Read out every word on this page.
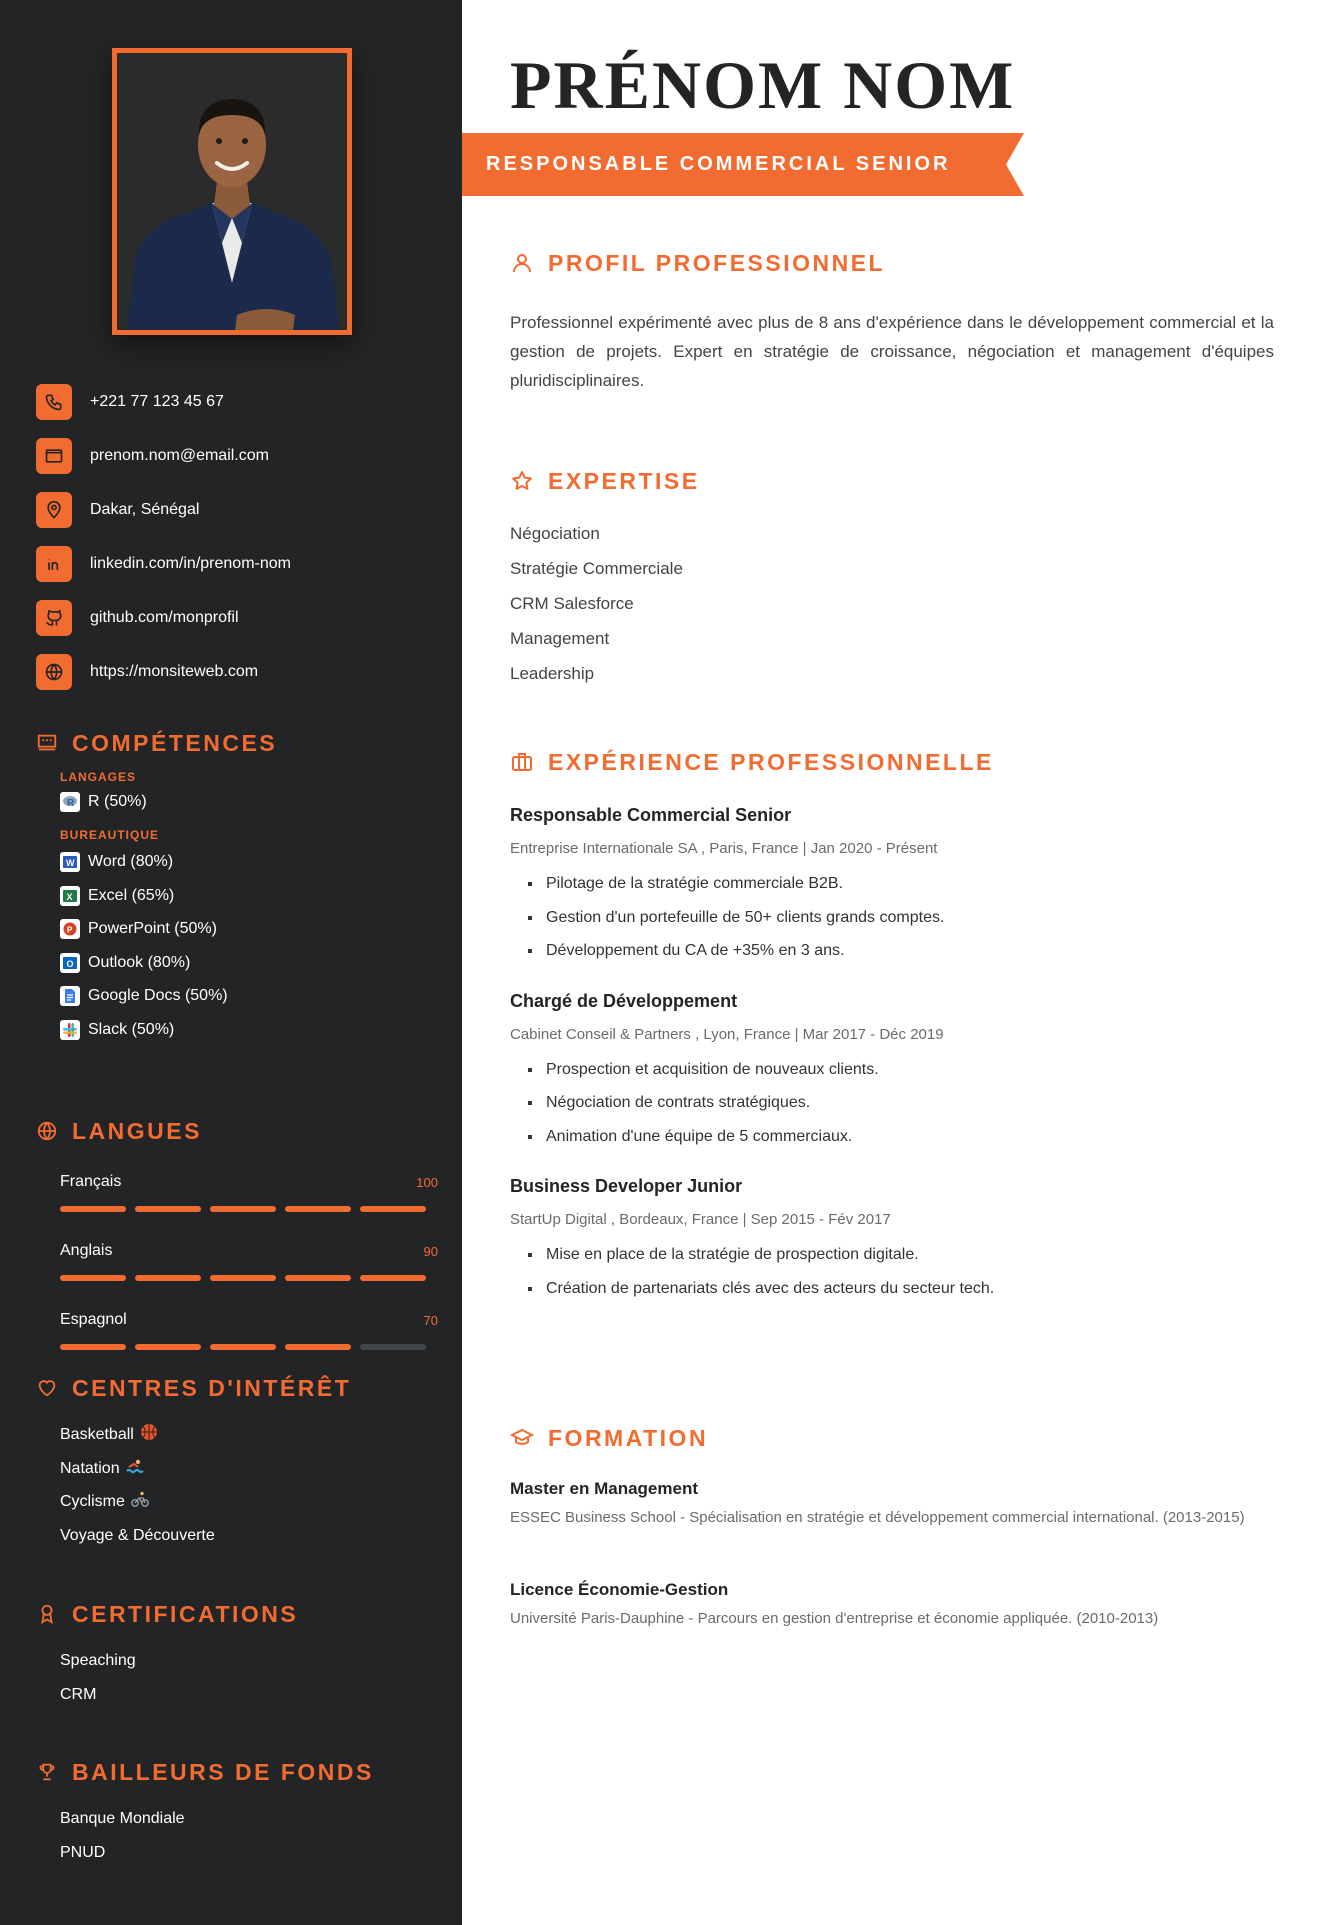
+221 77 123 45 67
prenom.nom@email.com
Dakar, Sénégal
linkedin.com/in/prenom-nom
github.com/monprofil
https://monsiteweb.com
COMPÉTENCES
LANGAGES
R R (50%)
BUREAUTIQUE
W Word (80%)
X Excel (65%)
P PowerPoint (50%)
O Outlook (80%)
Google Docs (50%)
Slack (50%)
LANGUES
Français	100
Anglais	90
Espagnol	70
CENTRES D'INTÉRÊT
Basketball
Natation
Cyclisme
Voyage & Découverte
CERTIFICATIONS
Speaching
CRM
BAILLEURS DE FONDS
Banque Mondiale
PNUD
PRÉNOM NOM
RESPONSABLE COMMERCIAL SENIOR
PROFIL PROFESSIONNEL

Professionnel expérimenté avec plus de 8 ans d'expérience dans le développement commercial et la gestion de projets. Expert en stratégie de croissance, négociation et management d'équipes pluridisciplinaires.

EXPERTISE
Négociation
Stratégie Commerciale
CRM Salesforce
Management
Leadership
EXPÉRIENCE PROFESSIONNELLE
Responsable Commercial Senior
Entreprise Internationale SA , Paris, France | Jan 2020 - Présent
Pilotage de la stratégie commerciale B2B.
Gestion d'un portefeuille de 50+ clients grands comptes.
Développement du CA de +35% en 3 ans.
Chargé de Développement
Cabinet Conseil & Partners , Lyon, France | Mar 2017 - Déc 2019
Prospection et acquisition de nouveaux clients.
Négociation de contrats stratégiques.
Animation d'une équipe de 5 commerciaux.
Business Developer Junior
StartUp Digital , Bordeaux, France | Sep 2015 - Fév 2017
Mise en place de la stratégie de prospection digitale.
Création de partenariats clés avec des acteurs du secteur tech.
FORMATION
Master en Management
ESSEC Business School - Spécialisation en stratégie et développement commercial international. (2013-2015)
Licence Économie-Gestion
Université Paris-Dauphine - Parcours en gestion d'entreprise et économie appliquée. (2010-2013)
